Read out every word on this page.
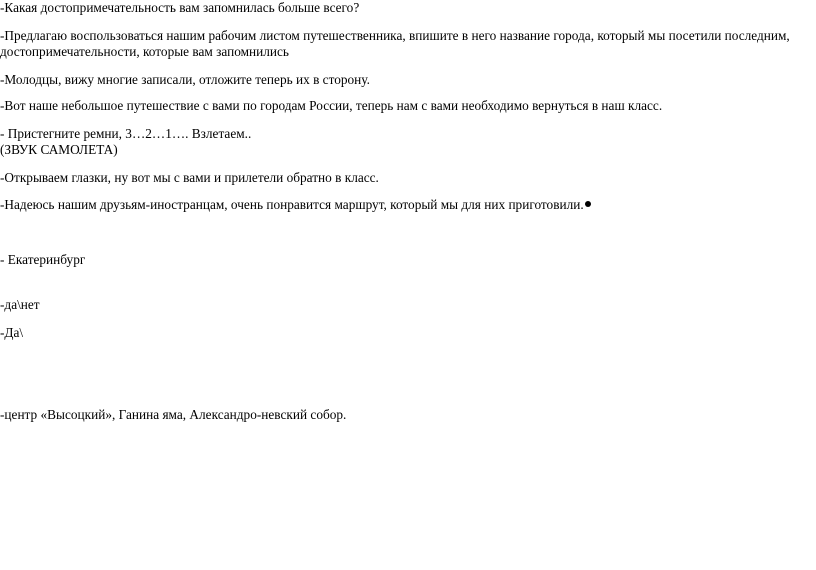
-Какая достопримечательность вам запомнилась больше всего?
-Предлагаю воспользоваться нашим рабочим листом путешественника, впишите в него название города, который мы посетили последним, достопримечательности, которые вам запомнились
-Молодцы, вижу многие записали, отложите теперь их в сторону.
-Вот наше небольшое путешествие с вами по городам России, теперь нам с вами необходимо вернуться в наш класс.
- Пристегните ремни, 3…2…1…. Взлетаем..
(ЗВУК САМОЛЕТА)
-Открываем глазки, ну вот мы с вами и прилетели обратно в класс.
-Надеюсь нашим друзьям-иностранцам, очень понравится маршрут, который мы для них приготовили.
- Екатеринбург
-да\нет
-Да\
-центр «Высоцкий», Ганина яма, Александро-невский собор.
